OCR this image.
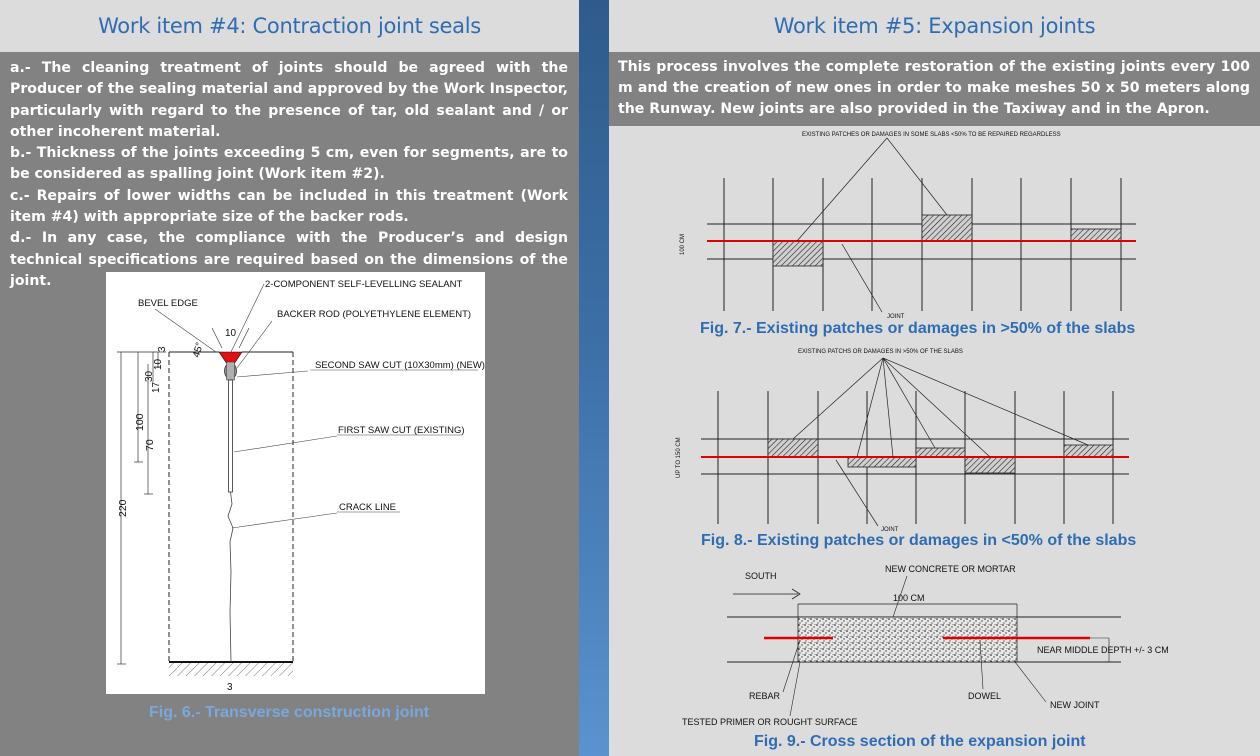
Work item #4: Contraction joint seals

a.- The cleaning treatment of joints should be agreed with the Producer of the sealing material and approved by the Work Inspector, particularly with regard to the presence of tar, old sealant and / or other incoherent material.

b.- Thickness of the joints exceeding 5 cm, even for segments, are to be considered as spalling joint (Work item #2).

c.- Repairs of lower widths can be included in this treatment (Work item #4) with appropriate size of the backer rods.

d.- In any case, the compliance with the Producer’s and design technical specifications are required based on the dimensions of the joint.	2-COMPONENT SELF-LEVELLING SEALANT
BEVEL EDGE
BACKER ROD (POLYETHYLENE ELEMENT)
SECOND SAW CUT (10X30mm) (NEW)
FIRST SAW CUT (EXISTING)
CRACK LINE
10
45°
220
100
70
30
17
10
3
3
Fig. 6.- Transverse construction joint
Work item #5: Expansion joints
This process involves the complete restoration of the existing joints every 100 m and the creation of new ones in order to make meshes 50 x 50 meters along the Runway. New joints are also provided in the Taxiway and in the Apron.
EXISTING PATCHES OR DAMAGES IN SOME SLABS <50% TO BE REPAIRED REGARDLESS
100 CM
JOINT
EXISTING PATCHS OR DAMAGES IN >50% OF THE SLABS
UP TO 150 CM
JOINT
SOUTH
NEW CONCRETE OR MORTAR
100 CM
NEAR MIDDLE DEPTH +/- 3 CM
REBAR	DOWEL
NEW JOINT
TESTED PRIMER OR ROUGHT SURFACE
Fig. 7.- Existing patches or damages in >50% of the slabs
Fig. 8.- Existing patches or damages in <50% of the slabs
Fig. 9.- Cross section of the expansion joint
